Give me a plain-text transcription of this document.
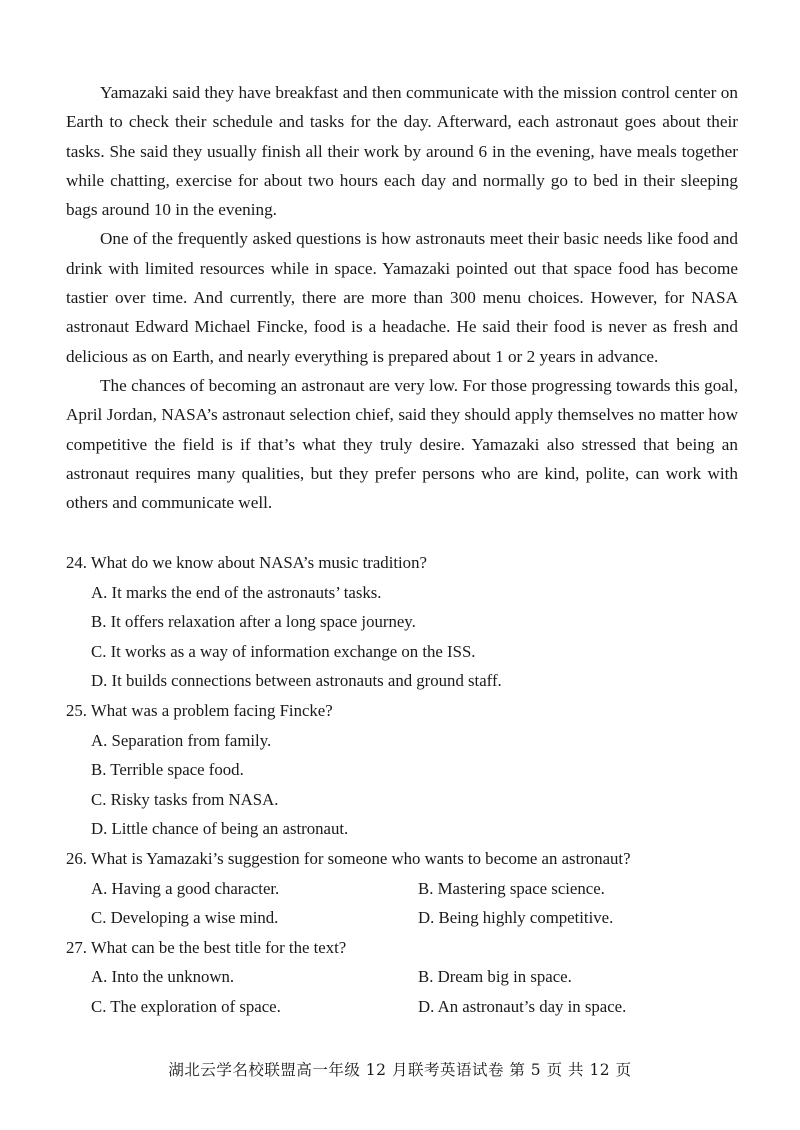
Yamazaki said they have breakfast and then communicate with the mission control center on Earth to check their schedule and tasks for the day. Afterward, each astronaut goes about their tasks. She said they usually finish all their work by around 6 in the evening, have meals together while chatting, exercise for about two hours each day and normally go to bed in their sleeping bags around 10 in the evening.

One of the frequently asked questions is how astronauts meet their basic needs like food and drink with limited resources while in space. Yamazaki pointed out that space food has become tastier over time. And currently, there are more than 300 menu choices. However, for NASA astronaut Edward Michael Fincke, food is a headache. He said their food is never as fresh and delicious as on Earth, and nearly everything is prepared about 1 or 2 years in advance.

The chances of becoming an astronaut are very low. For those progressing towards this goal, April Jordan, NASA’s astronaut selection chief, said they should apply themselves no matter how competitive the field is if that’s what they truly desire. Yamazaki also stressed that being an astronaut requires many qualities, but they prefer persons who are kind, polite, can work with others and communicate well.

24. What do we know about NASA’s music tradition?
A. It marks the end of the astronauts’ tasks.
B. It offers relaxation after a long space journey.
C. It works as a way of information exchange on the ISS.
D. It builds connections between astronauts and ground staff.
25. What was a problem facing Fincke?
A. Separation from family.
B. Terrible space food.
C. Risky tasks from NASA.
D. Little chance of being an astronaut.
26. What is Yamazaki’s suggestion for someone who wants to become an astronaut?
A. Having a good character.	B. Mastering space science.
C. Developing a wise mind.	D. Being highly competitive.
27. What can be the best title for the text?
A. Into the unknown.	B. Dream big in space.
C. The exploration of space.	D. An astronaut’s day in space.
湖北云学名校联盟高一年级 12 月联考英语试卷 第 5 页 共 12 页
